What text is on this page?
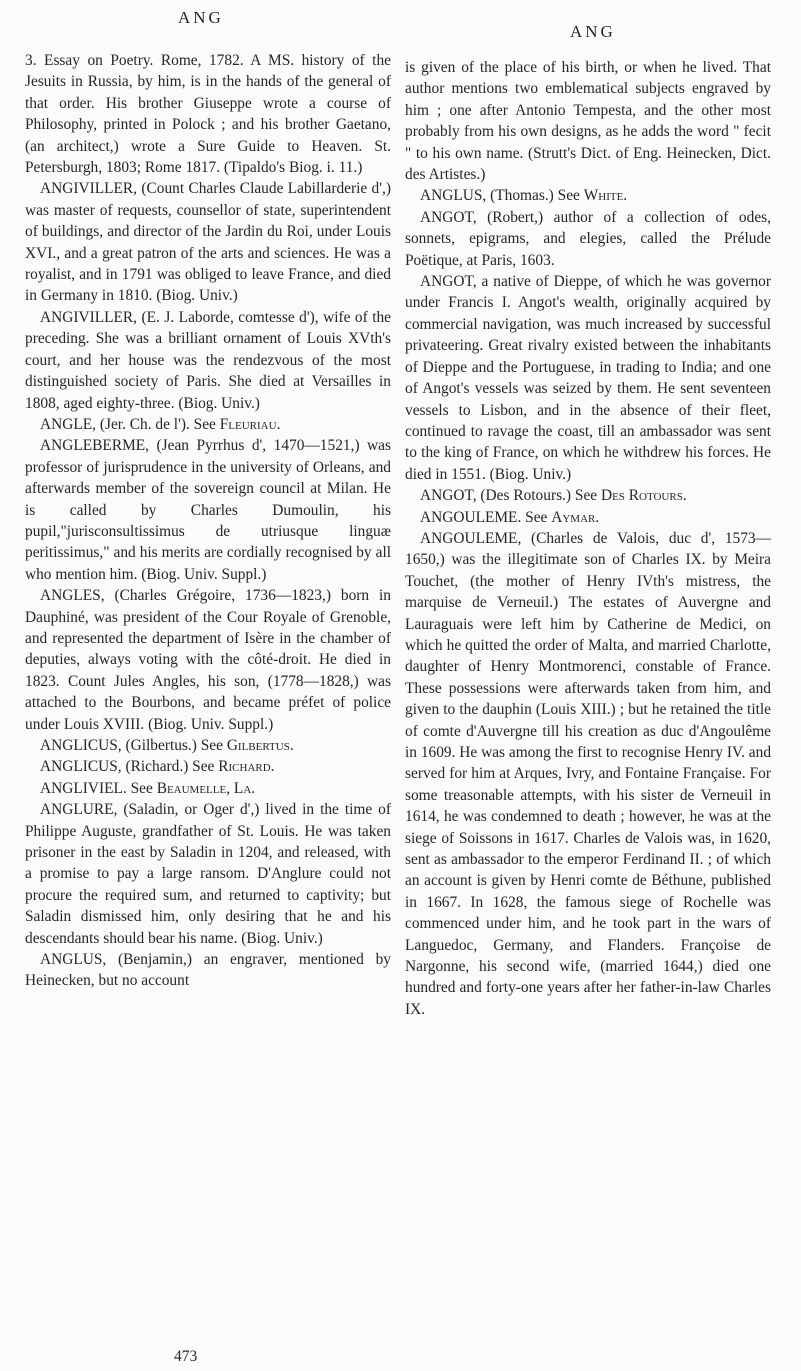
ANG
ANG

3. Essay on Poetry. Rome, 1782. A MS. history of the Jesuits in Russia, by him, is in the hands of the general of that order. His brother Giuseppe wrote a course of Philosophy, printed in Polock ; and his brother Gaetano, (an architect,) wrote a Sure Guide to Heaven. St. Petersburgh, 1803; Rome 1817. (Tipaldo's Biog. i. 11.)

ANGIVILLER, (Count Charles Claude Labillarderie d',) was master of requests, counsellor of state, superintendent of buildings, and director of the Jardin du Roi, under Louis XVI., and a great patron of the arts and sciences. He was a royalist, and in 1791 was obliged to leave France, and died in Germany in 1810. (Biog. Univ.)

ANGIVILLER, (E. J. Laborde, comtesse d'), wife of the preceding. She was a brilliant ornament of Louis XVth's court, and her house was the rendezvous of the most distinguished society of Paris. She died at Versailles in 1808, aged eighty-three. (Biog. Univ.)

ANGLE, (Jer. Ch. de l'). See Fleuriau.

ANGLEBERME, (Jean Pyrrhus d', 1470—1521,) was professor of jurisprudence in the university of Orleans, and afterwards member of the sovereign council at Milan. He is called by Charles Dumoulin, his pupil,"jurisconsultissimus de utriusque linguæ peritissimus," and his merits are cordially recognised by all who mention him. (Biog. Univ. Suppl.)

ANGLES, (Charles Grégoire, 1736—1823,) born in Dauphiné, was president of the Cour Royale of Grenoble, and represented the department of Isère in the chamber of deputies, always voting with the côté-droit. He died in 1823. Count Jules Angles, his son, (1778—1828,) was attached to the Bourbons, and became préfet of police under Louis XVIII. (Biog. Univ. Suppl.)

ANGLICUS, (Gilbertus.) See Gilbertus.

ANGLICUS, (Richard.) See Richard.

ANGLIVIEL. See Beaumelle, La.

ANGLURE, (Saladin, or Oger d',) lived in the time of Philippe Auguste, grandfather of St. Louis. He was taken prisoner in the east by Saladin in 1204, and released, with a promise to pay a large ransom. D'Anglure could not procure the required sum, and returned to captivity; but Saladin dismissed him, only desiring that he and his descendants should bear his name. (Biog. Univ.)

ANGLUS, (Benjamin,) an engraver, mentioned by Heinecken, but no account

is given of the place of his birth, or when he lived. That author mentions two emblematical subjects engraved by him ; one after Antonio Tempesta, and the other most probably from his own designs, as he adds the word " fecit " to his own name. (Strutt's Dict. of Eng. Heinecken, Dict. des Artistes.)

ANGLUS, (Thomas.) See White.

ANGOT, (Robert,) author of a collection of odes, sonnets, epigrams, and elegies, called the Prélude Poëtique, at Paris, 1603.

ANGOT, a native of Dieppe, of which he was governor under Francis I. Angot's wealth, originally acquired by commercial navigation, was much increased by successful privateering. Great rivalry existed between the inhabitants of Dieppe and the Portuguese, in trading to India; and one of Angot's vessels was seized by them. He sent seventeen vessels to Lisbon, and in the absence of their fleet, continued to ravage the coast, till an ambassador was sent to the king of France, on which he withdrew his forces. He died in 1551. (Biog. Univ.)

ANGOT, (Des Rotours.) See Des Rotours.

ANGOULEME. See Aymar.

ANGOULEME, (Charles de Valois, duc d', 1573—1650,) was the illegitimate son of Charles IX. by Meira Touchet, (the mother of Henry IVth's mistress, the marquise de Verneuil.) The estates of Auvergne and Lauraguais were left him by Catherine de Medici, on which he quitted the order of Malta, and married Charlotte, daughter of Henry Montmorenci, constable of France. These possessions were afterwards taken from him, and given to the dauphin (Louis XIII.) ; but he retained the title of comte d'Auvergne till his creation as duc d'Angoulême in 1609. He was among the first to recognise Henry IV. and served for him at Arques, Ivry, and Fontaine Française. For some treasonable attempts, with his sister de Verneuil in 1614, he was condemned to death ; however, he was at the siege of Soissons in 1617. Charles de Valois was, in 1620, sent as ambassador to the emperor Ferdinand II. ; of which an account is given by Henri comte de Béthune, published in 1667. In 1628, the famous siege of Rochelle was commenced under him, and he took part in the wars of Languedoc, Germany, and Flanders. Françoise de Nargonne, his second wife, (married 1644,) died one hundred and forty-one years after her father-in-law Charles IX.

473
